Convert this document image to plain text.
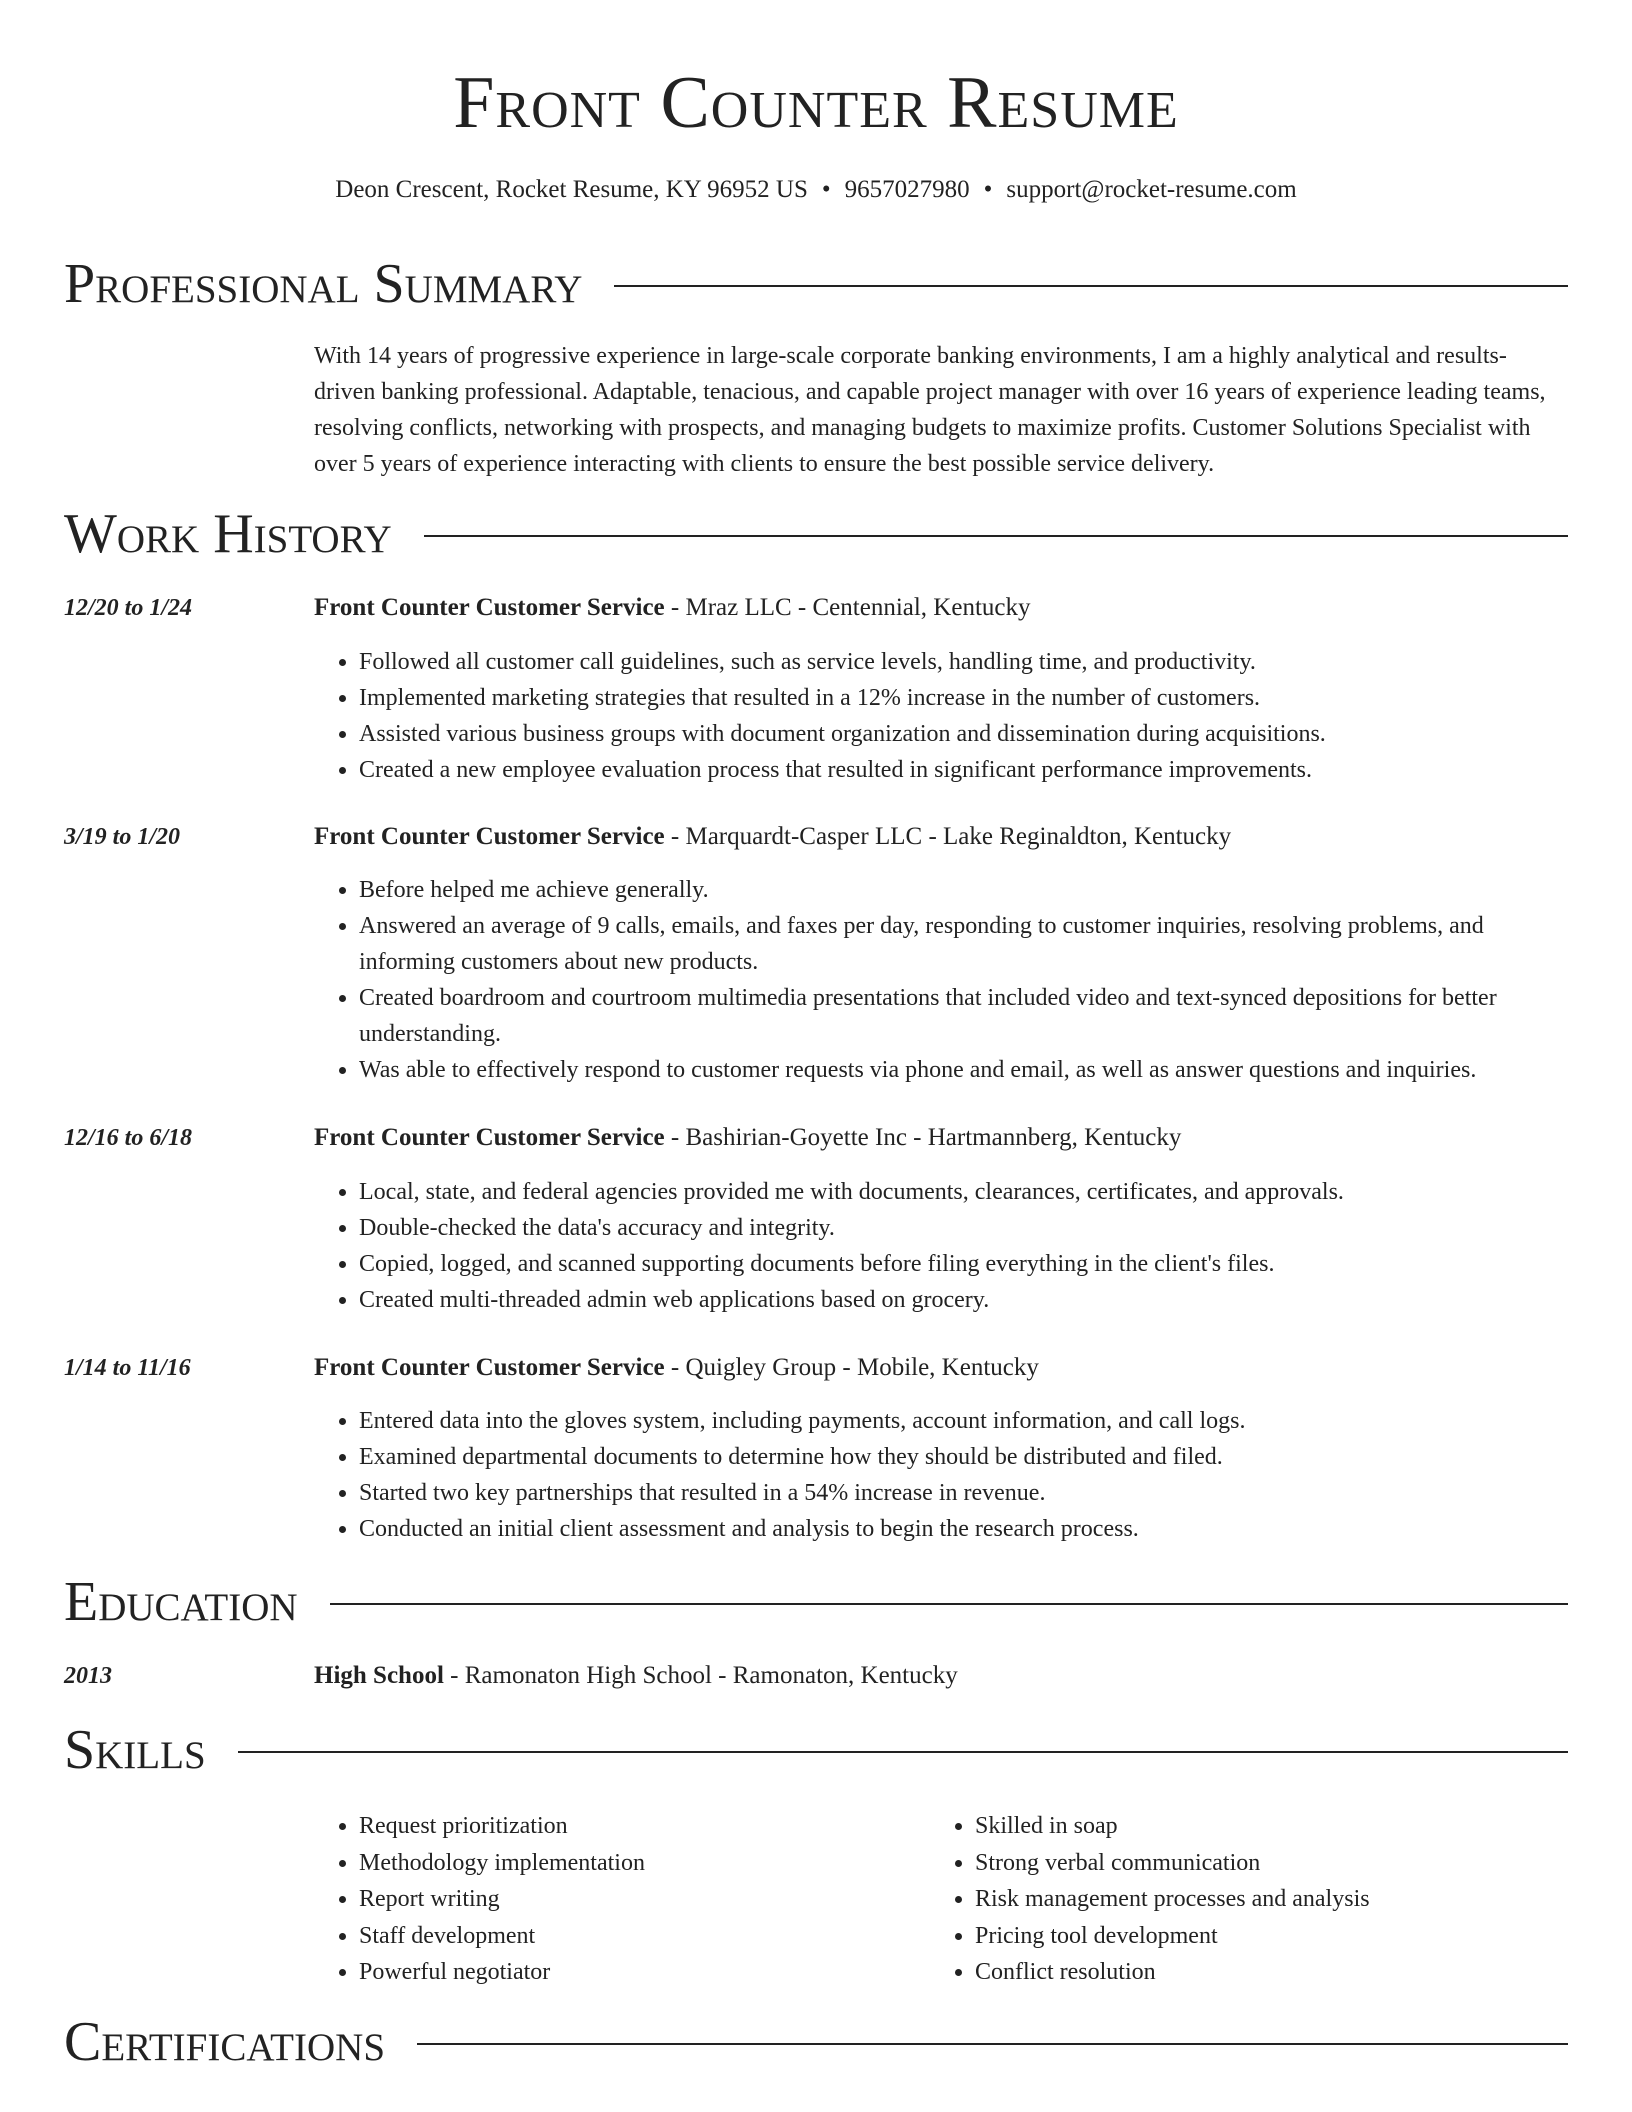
Front Counter Resume
Deon Crescent, Rocket Resume, KY 96952 US • 9657027980 • support@rocket-resume.com
Professional Summary
With 14 years of progressive experience in large-scale corporate banking environments, I am a highly analytical and results-driven banking professional. Adaptable, tenacious, and capable project manager with over 16 years of experience leading teams, resolving conflicts, networking with prospects, and managing budgets to maximize profits. Customer Solutions Specialist with over 5 years of experience interacting with clients to ensure the best possible service delivery.
Work History
12/20 to 1/24	Front Counter Customer Service - Mraz LLC - Centennial, Kentucky
• Followed all customer call guidelines, such as service levels, handling time, and productivity.
• Implemented marketing strategies that resulted in a 12% increase in the number of customers.
• Assisted various business groups with document organization and dissemination during acquisitions.
• Created a new employee evaluation process that resulted in significant performance improvements.
3/19 to 1/20	Front Counter Customer Service - Marquardt-Casper LLC - Lake Reginaldton, Kentucky
• Before helped me achieve generally.
• Answered an average of 9 calls, emails, and faxes per day, responding to customer inquiries, resolving problems, and informing customers about new products.
• Created boardroom and courtroom multimedia presentations that included video and text-synced depositions for better understanding.
• Was able to effectively respond to customer requests via phone and email, as well as answer questions and inquiries.
12/16 to 6/18	Front Counter Customer Service - Bashirian-Goyette Inc - Hartmannberg, Kentucky
• Local, state, and federal agencies provided me with documents, clearances, certificates, and approvals.
• Double-checked the data's accuracy and integrity.
• Copied, logged, and scanned supporting documents before filing everything in the client's files.
• Created multi-threaded admin web applications based on grocery.
1/14 to 11/16	Front Counter Customer Service - Quigley Group - Mobile, Kentucky
• Entered data into the gloves system, including payments, account information, and call logs.
• Examined departmental documents to determine how they should be distributed and filed.
• Started two key partnerships that resulted in a 54% increase in revenue.
• Conducted an initial client assessment and analysis to begin the research process.
Education
2013	High School - Ramonaton High School - Ramonaton, Kentucky
Skills
• Request prioritization
• Methodology implementation
• Report writing
• Staff development
• Powerful negotiator
• Skilled in soap
• Strong verbal communication
• Risk management processes and analysis
• Pricing tool development
• Conflict resolution
Certifications
